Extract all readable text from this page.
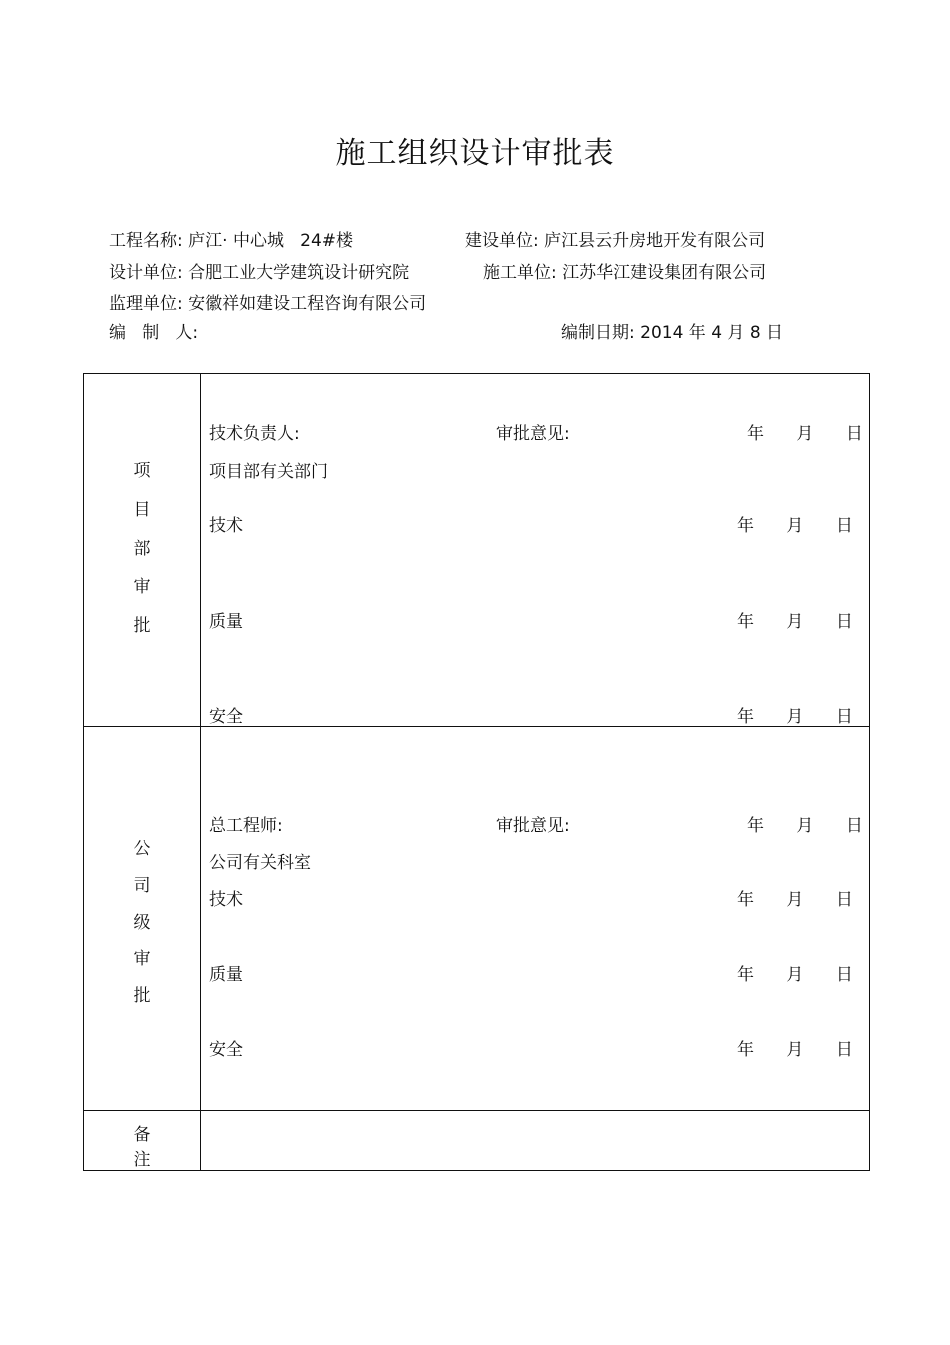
施工组织设计审批表
工程名称: 庐江· 中心城   24#楼	建设单位: 庐江县云升房地开发有限公司
设计单位: 合肥工业大学建筑设计研究院	施工单位: 江苏华江建设集团有限公司
监理单位: 安徽祥如建设工程咨询有限公司
编   制   人:	编制日期: 2014 年 4 月 8 日
项
目
部
审
批
技术负责人:	审批意见:	年      月      日
项目部有关部门
技术	年      月      日
质量	年      月      日
安全	年      月      日
公
司
级
审
批
总工程师:	审批意见:	年      月      日
公司有关科室
技术	年      月      日
质量	年      月      日
安全	年      月      日
备
注
